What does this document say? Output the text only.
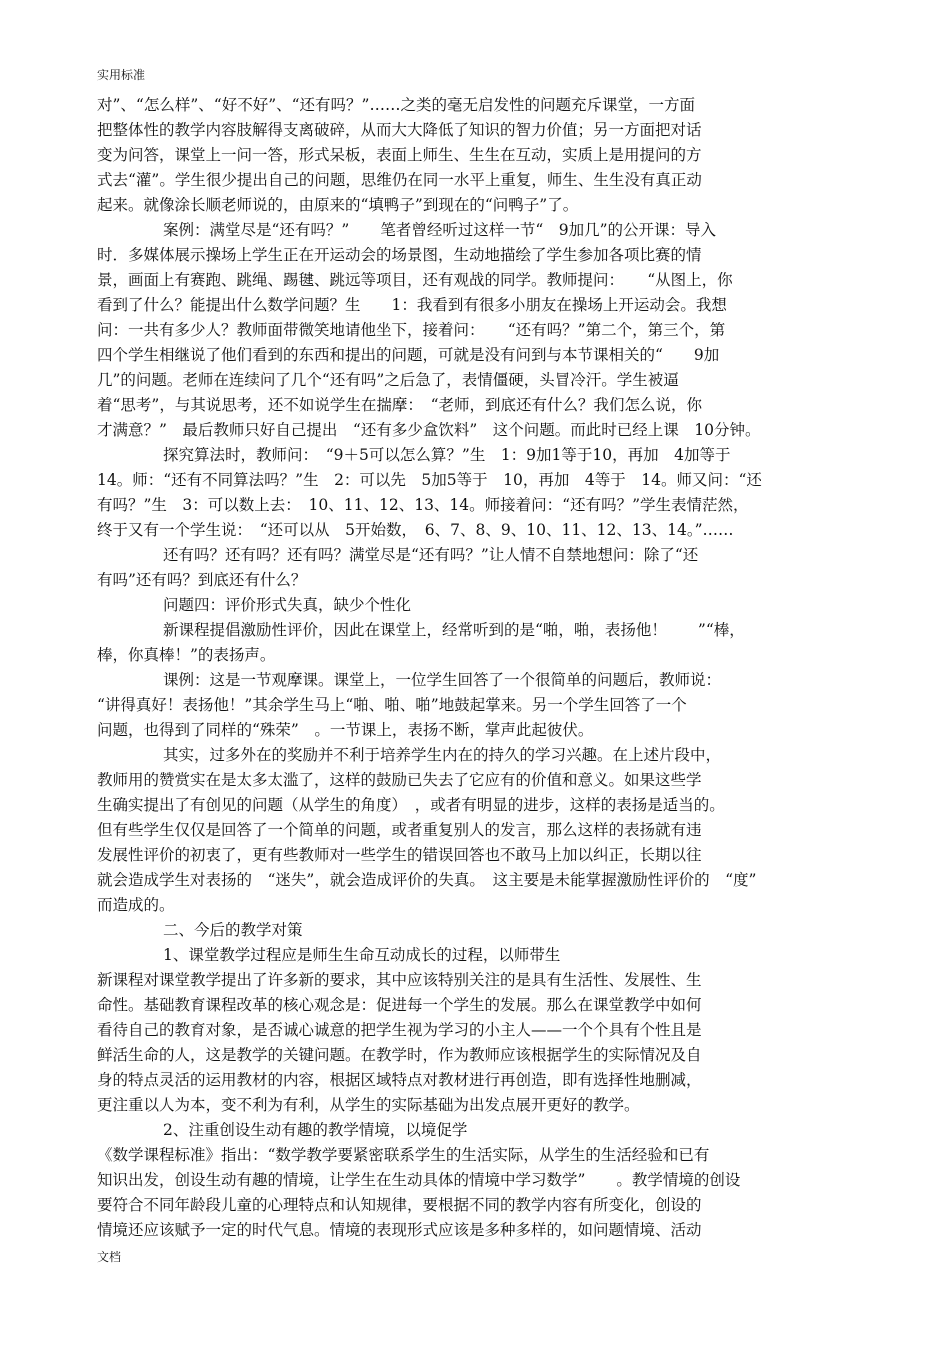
实用标准
对”、“怎么样”、“好不好”、“还有吗？”……之类的毫无启发性的问题充斥课堂，一方面
把整体性的教学内容肢解得支离破碎，从而大大降低了知识的智力价值；另一方面把对话
变为问答，课堂上一问一答，形式呆板，表面上师生、生生在互动，实质上是用提问的方
式去“灌”。学生很少提出自己的问题，思维仍在同一水平上重复，师生、生生没有真正动
起来。就像涂长顺老师说的，由原来的“填鸭子”到现在的“问鸭子”了。
案例：满堂尽是“还有吗？”　　笔者曾经听过这样一节“　9加几”的公开课：导入
时．多媒体展示操场上学生正在开运动会的场景图，生动地描绘了学生参加各项比赛的情
景，画面上有赛跑、跳绳、踢毽、跳远等项目，还有观战的同学。教师提问：　　“从图上，你
看到了什么？能提出什么数学问题？生　　1：我看到有很多小朋友在操场上开运动会。我想
问：一共有多少人？教师面带微笑地请他坐下，接着问：　　“还有吗？”第二个，第三个，第
四个学生相继说了他们看到的东西和提出的问题，可就是没有问到与本节课相关的“　　9加
几”的问题。老师在连续问了几个“还有吗”之后急了，表情僵硬，头冒冷汗。学生被逼
着“思考”，与其说思考，还不如说学生在揣摩：　“老师，到底还有什么？我们怎么说，你
才满意？”　最后教师只好自己提出　“还有多少盒饮料”　这个问题。而此时已经上课　10分钟。
探究算法时，教师问：　“9＋5可以怎么算？”生　1：9加1等于10，再加　4加等于
14。师：“还有不同算法吗？”生　2：可以先　5加5等于　10，再加　4等于　14。师又问：“还
有吗？”生　3：可以数上去：　10、11、12、13、14。师接着问：“还有吗？”学生表情茫然，
终于又有一个学生说：　“还可以从　5开始数，　6、7、8、9、10、11、12、13、14。”……
还有吗？还有吗？还有吗？满堂尽是“还有吗？”让人情不自禁地想问：除了“还
有吗”还有吗？到底还有什么？
问题四：评价形式失真，缺少个性化
新课程提倡激励性评价，因此在课堂上，经常听到的是“啪，啪，表扬他！　　”“棒，
棒，你真棒！”的表扬声。
课例：这是一节观摩课。课堂上，一位学生回答了一个很简单的问题后，教师说：
“讲得真好！表扬他！”其余学生马上“啪、啪、啪”地鼓起掌来。另一个学生回答了一个
问题，也得到了同样的“殊荣”　。一节课上，表扬不断，掌声此起彼伏。
其实，过多外在的奖励并不利于培养学生内在的持久的学习兴趣。在上述片段中，
教师用的赞赏实在是太多太滥了，这样的鼓励已失去了它应有的价值和意义。如果这些学
生确实提出了有创见的问题（从学生的角度）　，或者有明显的进步，这样的表扬是适当的。
但有些学生仅仅是回答了一个简单的问题，或者重复别人的发言，那么这样的表扬就有违
发展性评价的初衷了，更有些教师对一些学生的错误回答也不敢马上加以纠正，长期以往
就会造成学生对表扬的　“迷失”，就会造成评价的失真。　这主要是未能掌握激励性评价的　“度”
而造成的。
二、今后的教学对策
1、课堂教学过程应是师生生命互动成长的过程，以师带生
新课程对课堂教学提出了许多新的要求，其中应该特别关注的是具有生活性、发展性、生
命性。基础教育课程改革的核心观念是：促进每一个学生的发展。那么在课堂教学中如何
看待自己的教育对象，是否诚心诚意的把学生视为学习的小主人——一个个具有个性且是
鲜活生命的人，这是教学的关键问题。在教学时，作为教师应该根据学生的实际情况及自
身的特点灵活的运用教材的内容，根据区域特点对教材进行再创造，即有选择性地删减，
更注重以人为本，变不利为有利，从学生的实际基础为出发点展开更好的教学。
2、注重创设生动有趣的教学情境，以境促学
《数学课程标准》指出：“数学教学要紧密联系学生的生活实际，从学生的生活经验和已有
知识出发，创设生动有趣的情境，让学生在生动具体的情境中学习数学”　　。教学情境的创设
要符合不同年龄段儿童的心理特点和认知规律，要根据不同的教学内容有所变化，创设的
情境还应该赋予一定的时代气息。情境的表现形式应该是多种多样的，如问题情境、活动
文档
